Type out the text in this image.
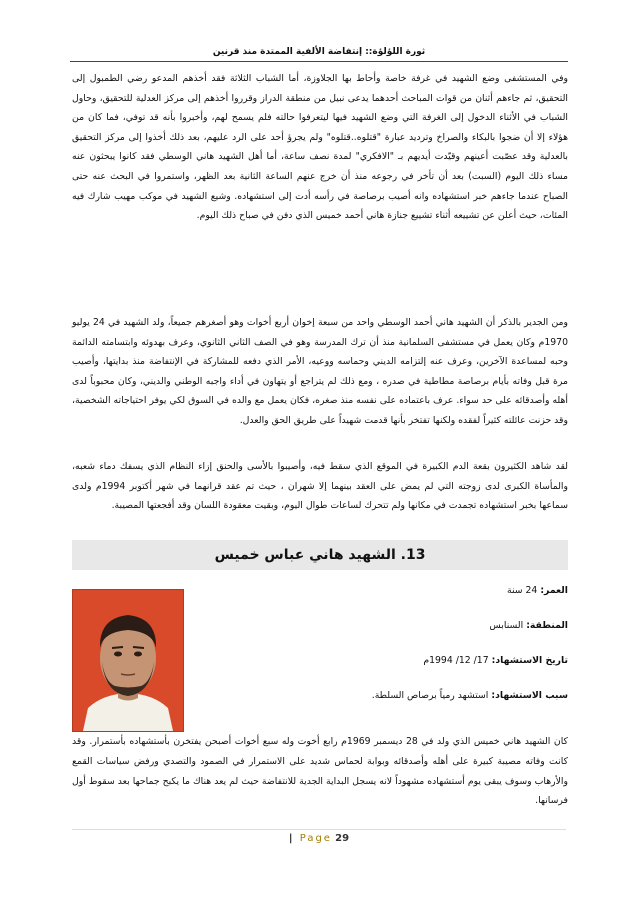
ثورة اللؤلؤة:: إنتفاضة الألفية الممتدة منذ قرنين
وفي المستشفى وضع الشهيد في غرفة خاصة وأحاط بها الجلاوزة، أما الشباب الثلاثة فقد أخذهم المدعو رضي الطمبول إلى التحقيق، ثم جاءهم أثنان من قوات المباحث أحدهما يدعى نبيل من منطقة الدراز وقرروا أخذهم إلى مركز العدلية للتحقيق، وحاول الشباب في الأثناء الدخول إلى الغرفة التي وضع الشهيد فيها ليتعرفوا حالته فلم يسمح لهم، وأخبروا بأنه قد توفي، فما كان من هؤلاء إلا أن ضجوا بالبكاء والصراخ وترديد عبارة "قتلوه..قتلوه" ولم يجرؤ أحد على الرد عليهم، بعد ذلك أخذوا إلى مركز التحقيق بالعدلية وقد عصّبت أعينهم وقيّدت أيديهم بـ "الافكري" لمدة نصف ساعة، أما أهل الشهيد هاني الوسطي فقد كانوا يبحثون عنه مساء ذلك اليوم (السبت) بعد أن تأخر في رجوعه منذ أن خرج عنهم الساعة الثانية بعد الظهر، واستمروا في البحث عنه حتى الصباح عندما جاءهم خبر استشهاده وانه أصيب برصاصة في رأسه أدت إلى استشهاده. وشيع الشهيد في موكب مهيب شارك فيه المئات، حيث أعلن عن تشييعه أثناء تشييع جنازة هاني أحمد خميس الذي دفن في صباح ذلك اليوم.
ومن الجدير بالذكر أن الشهيد هاني أحمد الوسطي واحد من سبعة إخوان أربع أخوات وهو أصغرهم جميعاً، ولد الشهيد في 24 يوليو 1970م وكان يعمل في مستشفى السلمانية منذ أن ترك المدرسة وهو في الصف الثاني الثانوي، وعرف بهدوئه وابتسامته الدائمة وحبه لمساعدة الآخرين، وعرف عنه إلتزامه الديني وحماسه ووعيه، الأمر الذي دفعه للمشاركة في الإنتفاضة منذ بدايتها، وأصيب مرة قبل وفاته بأيام برصاصة مطاطية في صدره ، ومع ذلك لم يتراجع أو يتهاون في أداء واجبه الوطني والديني، وكان محبوباً لدى أهله وأصدقائه على حد سواء. عرف باعتماده على نفسه منذ صغره، فكان يعمل مع والده في السوق لكي يوفر احتياجاته الشخصية، وقد حزنت عائلته كثيراً لفقده ولكنها تفتخر بأنها قدمت شهيداً على طريق الحق والعدل.
لقد شاهد الكثيرون بقعة الدم الكبيرة في الموقع الذي سقط فيه، وأصيبوا بالأسى والحنق إزاء النظام الذي يسفك دماء شعبه، والمأساة الكبرى لدى زوجته التي لم يمض على العقد بينهما إلا شهران ، حيث تم عقد قرانهما في شهر أكتوبر 1994م ولدى سماعها بخبر استشهاده تجمدت في مكانها ولم تتحرك لساعات طوال اليوم، وبقيت معقودة اللسان وقد أفجعتها المصيبة.
13. الشهيد هاني عباس خميس
العمر: 24 سنة
المنطقة: السنابس
تاريخ الاستشهاد: 17/ 12/ 1994م
سبب الاستشهاد: استشهد رمياً برصاص السلطة.
كان الشهيد هاني خميس الذي ولد في 28 ديسمبر 1969م رابع أخوت وله سبع أخوات أصبحن يفتخرن بأستشهاده بأستمرار. وقد كانت وفاته مصيبة كبيرة على أهله وأصدقائه وبوابة لحماس شديد على الاستمرار في الصمود والتصدي ورفض سياسات القمع والأرهاب وسوف يبقى يوم أستشهاده مشهوداً لانه يسجل البداية الجدية للانتفاضة حيث لم يعد هناك ما يكبح جماحها بعد سقوط أول فرسانها.
| Page 29
